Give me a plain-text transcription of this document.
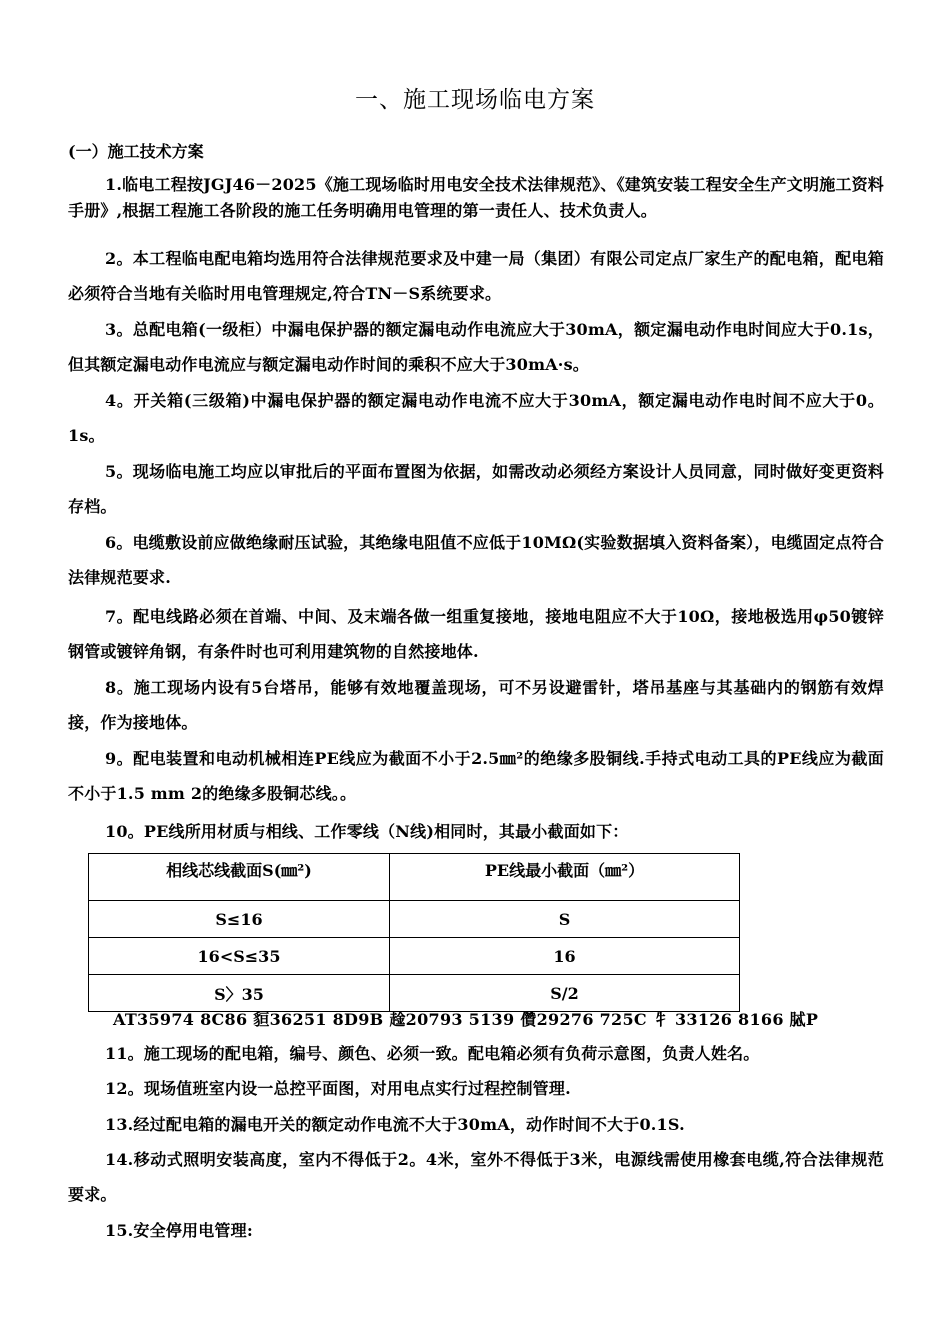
一、施工现场临电方案
(一）施工技术方案
1.临电工程按JGJ46－2025《施工现场临时用电安全技术法律规范》、《建筑安装工程安全生产文明施工资料手册》,根据工程施工各阶段的施工任务明确用电管理的第一责任人、技术负责人。
2。本工程临电配电箱均选用符合法律规范要求及中建一局（集团）有限公司定点厂家生产的配电箱，配电箱必须符合当地有关临时用电管理规定,符合TN－S系统要求。
3。总配电箱(一级柜）中漏电保护器的额定漏电动作电流应大于30mA，额定漏电动作电时间应大于0.1s，但其额定漏电动作电流应与额定漏电动作时间的乘积不应大于30mA·s。
4。开关箱(三级箱)中漏电保护器的额定漏电动作电流不应大于30mA，额定漏电动作电时间不应大于0。1s。
5。现场临电施工均应以审批后的平面布置图为依据，如需改动必须经方案设计人员同意，同时做好变更资料存档。
6。电缆敷设前应做绝缘耐压试验，其绝缘电阻值不应低于10MΩ(实验数据填入资料备案），电缆固定点符合法律规范要求.
7。配电线路必须在首端、中间、及末端各做一组重复接地，接地电阻应不大于10Ω，接地极选用φ50镀锌钢管或镀锌角钢，有条件时也可利用建筑物的自然接地体.
8。施工现场内设有5台塔吊，能够有效地覆盖现场，可不另设避雷针，塔吊基座与其基础内的钢筋有效焊接，作为接地体。
9。配电装置和电动机械相连PE线应为截面不小于2.5㎜²的绝缘多股铜线.手持式电动工具的PE线应为截面不小于1.5 mm 2的绝缘多股铜芯线。。
10。PE线所用材质与相线、工作零线（N线)相同时，其最小截面如下：
相线芯线截面S(㎜²)	PE线最小截面（㎜²）
S≤16	S
16<S≤35	16
S〉35	S/2
AT35974 8C86 貆36251 8D9B 趛20793 5139 儹29276 725C 牜 33126 8166 脦P
11。施工现场的配电箱，编号、颜色、必须一致。配电箱必须有负荷示意图，负责人姓名。
12。现场值班室内设一总控平面图，对用电点实行过程控制管理.
13.经过配电箱的漏电开关的额定动作电流不大于30mA，动作时间不大于0.1S.
14.移动式照明安装高度，室内不得低于2。4米，室外不得低于3米，电源线需使用橡套电缆,符合法律规范要求。
15.安全停用电管理:
